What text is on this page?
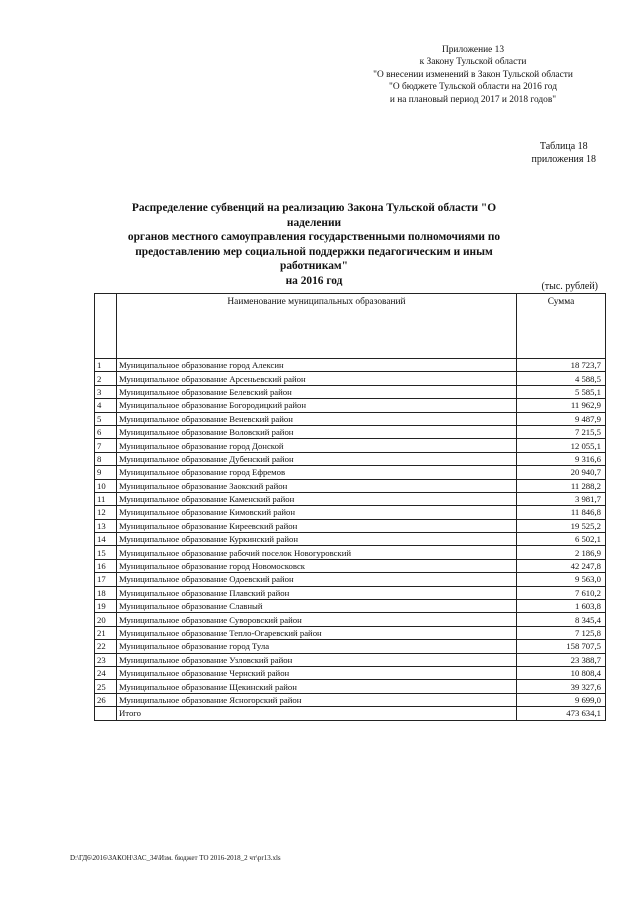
Приложение 13
к Закону Тульской области
"О внесении изменений в Закон Тульской области
"О бюджете Тульской области на 2016 год
и на плановый период 2017 и 2018 годов"
Таблица 18
приложения 18
Распределение субвенций на реализацию Закона Тульской области "О наделении
органов местного самоуправления государственными полномочиями по
предоставлению мер социальной поддержки педагогическим и иным работникам"
на 2016 год	(тыс. рублей)
	Наименование муниципальных образований	Сумма
1	Муниципальное образование город Алексин	18 723,7
2	Муниципальное образование Арсеньевский район	4 588,5
3	Муниципальное образование Белевский район	5 585,1
4	Муниципальное образование Богородицкий район	11 962,9
5	Муниципальное образование Веневский район	9 487,9
6	Муниципальное образование Воловский район	7 215,5
7	Муниципальное образование город Донской	12 055,1
8	Муниципальное образование Дубенский район	9 316,6
9	Муниципальное образование город Ефремов	20 940,7
10	Муниципальное образование Заокский район	11 288,2
11	Муниципальное образование Каменский район	3 981,7
12	Муниципальное образование Кимовский район	11 846,8
13	Муниципальное образование Киреевский район	19 525,2
14	Муниципальное образование Куркинский район	6 502,1
15	Муниципальное образование рабочий поселок Новогуровский	2 186,9
16	Муниципальное образование город Новомосковск	42 247,8
17	Муниципальное образование Одоевский район	9 563,0
18	Муниципальное образование Плавский район	7 610,2
19	Муниципальное образование Славный	1 603,8
20	Муниципальное образование Суворовский район	8 345,4
21	Муниципальное образование Тепло-Огаревский район	7 125,8
22	Муниципальное образование город Тула	158 707,5
23	Муниципальное образование Узловский район	23 388,7
24	Муниципальное образование Чернский район	10 808,4
25	Муниципальное образование Щекинский район	39 327,6
26	Муниципальное образование Ясногорский район	9 699,0
	Итого	473 634,1
D:\ГД6\2016\ЗАКОН\ЗАС_34\Изм. бюджет ТО 2016-2018_2 чт\pr13.xls
